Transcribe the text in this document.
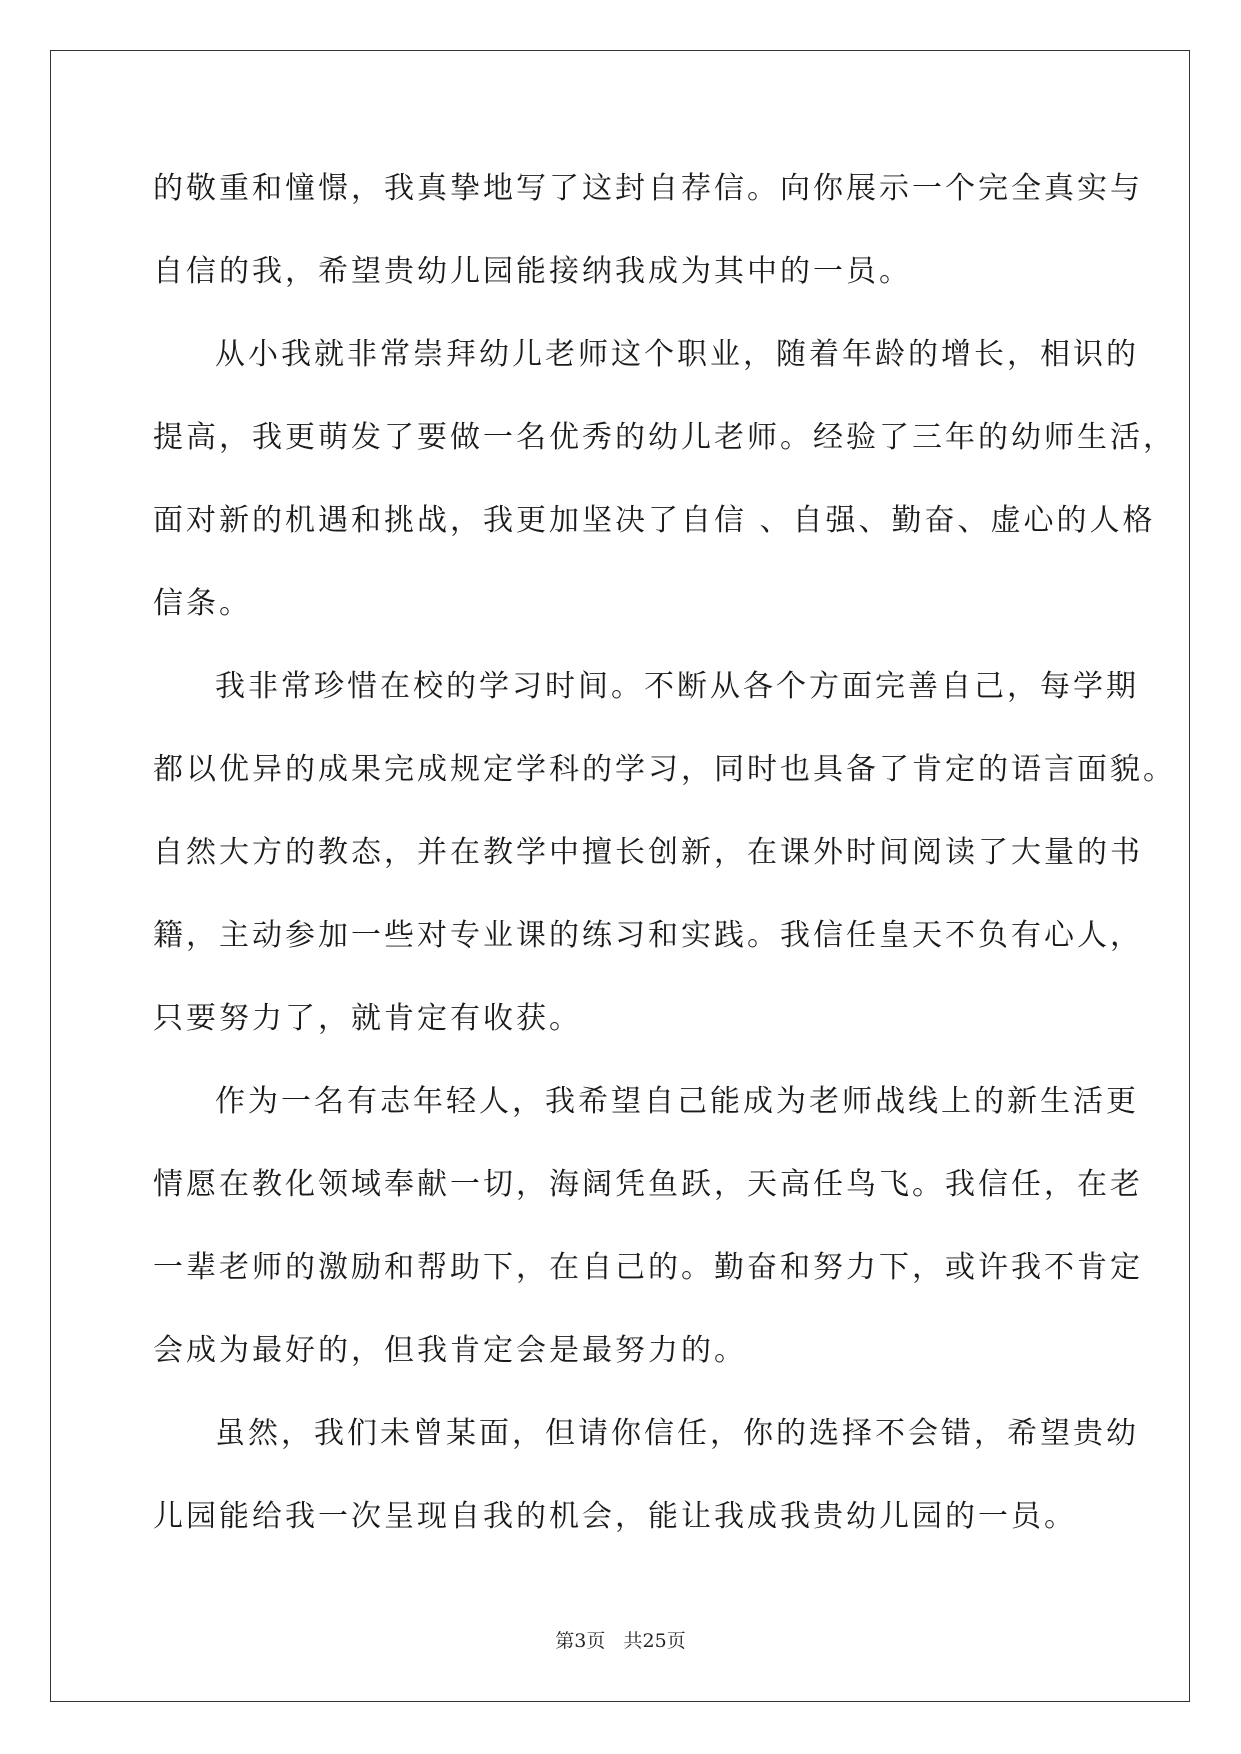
的敬重和憧憬，我真挚地写了这封自荐信。向你展示一个完全真实与
自信的我，希望贵幼儿园能接纳我成为其中的一员。
从小我就非常崇拜幼儿老师这个职业，随着年龄的增长，相识的
提高，我更萌发了要做一名优秀的幼儿老师。经验了三年的幼师生活，
面对新的机遇和挑战，我更加坚决了自信 、自强、勤奋、虚心的人格
信条。
我非常珍惜在校的学习时间。不断从各个方面完善自己，每学期
都以优异的成果完成规定学科的学习，同时也具备了肯定的语言面貌。
自然大方的教态，并在教学中擅长创新，在课外时间阅读了大量的书
籍，主动参加一些对专业课的练习和实践。我信任皇天不负有心人，
只要努力了，就肯定有收获。
作为一名有志年轻人，我希望自己能成为老师战线上的新生活更
情愿在教化领域奉献一切，海阔凭鱼跃，天高任鸟飞。我信任，在老
一辈老师的激励和帮助下，在自己的。勤奋和努力下，或许我不肯定
会成为最好的，但我肯定会是最努力的。
虽然，我们未曾某面，但请你信任，你的选择不会错，希望贵幼
儿园能给我一次呈现自我的机会，能让我成我贵幼儿园的一员。
第3页 共25页
